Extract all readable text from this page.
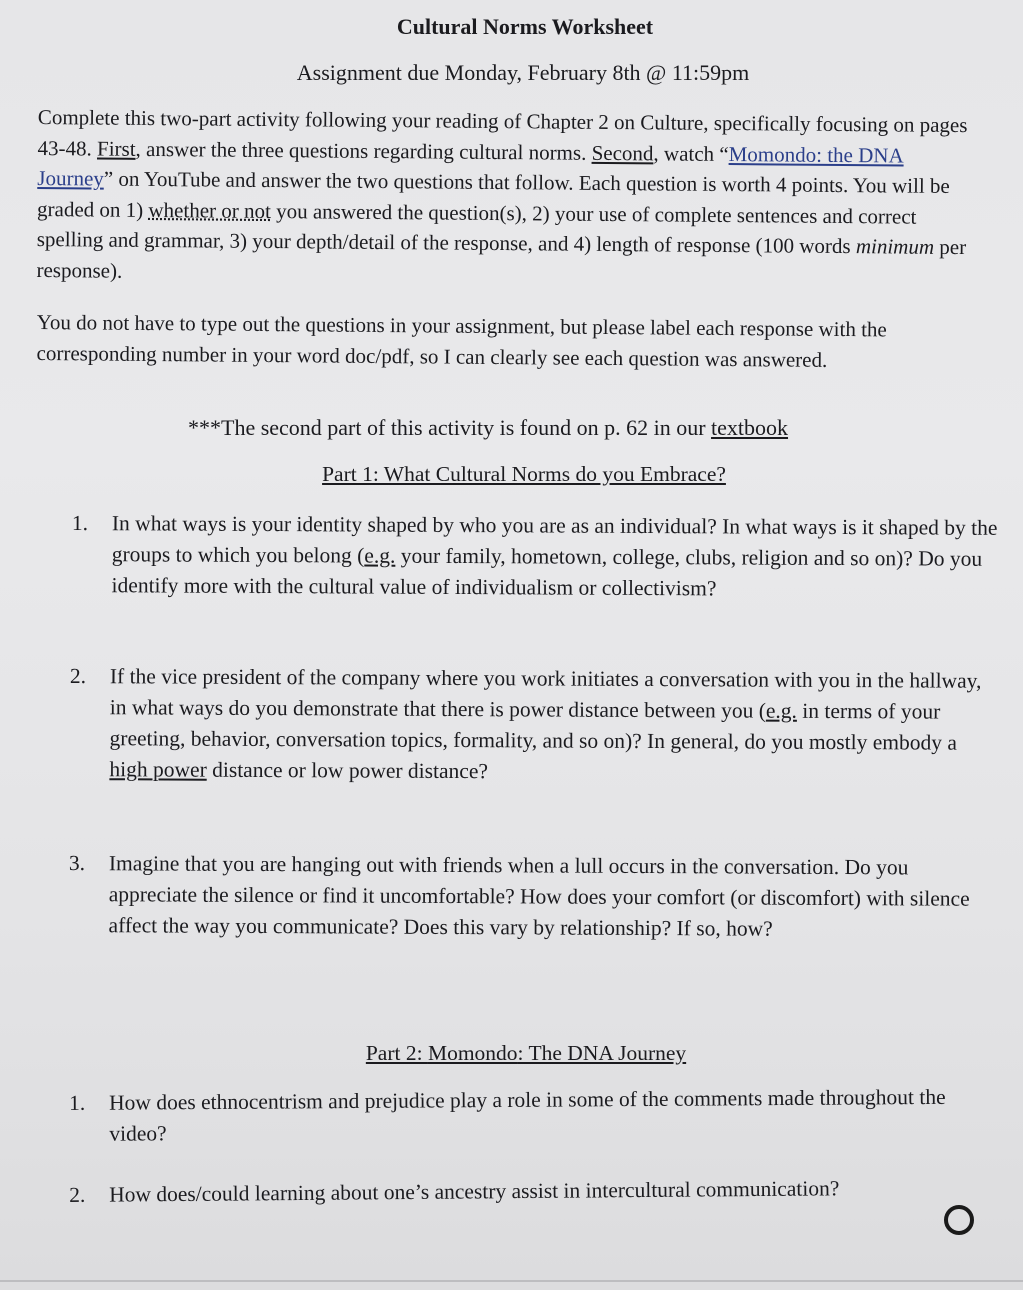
Cultural Norms Worksheet
Assignment due Monday, February 8th @ 11:59pm
Complete this two-part activity following your reading of Chapter 2 on Culture, specifically focusing on pages 43-48. First, answer the three questions regarding cultural norms. Second, watch “Momondo: the DNA Journey” on YouTube and answer the two questions that follow. Each question is worth 4 points. You will be graded on 1) whether or not you answered the question(s), 2) your use of complete sentences and correct spelling and grammar, 3) your depth/detail of the response, and 4) length of response (100 words minimum per response).
You do not have to type out the questions in your assignment, but please label each response with the corresponding number in your word doc/pdf, so I can clearly see each question was answered.
***The second part of this activity is found on p. 62 in our textbook
Part 1: What Cultural Norms do you Embrace?
1.	In what ways is your identity shaped by who you are as an individual? In what ways is it shaped by the groups to which you belong (e.g. your family, hometown, college, clubs, religion and so on)? Do you identify more with the cultural value of individualism or collectivism?
2.	If the vice president of the company where you work initiates a conversation with you in the hallway, in what ways do you demonstrate that there is power distance between you (e.g. in terms of your greeting, behavior, conversation topics, formality, and so on)? In general, do you mostly embody a high power distance or low power distance?
3.	Imagine that you are hanging out with friends when a lull occurs in the conversation. Do you appreciate the silence or find it uncomfortable? How does your comfort (or discomfort) with silence affect the way you communicate? Does this vary by relationship? If so, how?
Part 2: Momondo: The DNA Journey
1.	How does ethnocentrism and prejudice play a role in some of the comments made throughout the video?
2.	How does/could learning about one’s ancestry assist in intercultural communication?
